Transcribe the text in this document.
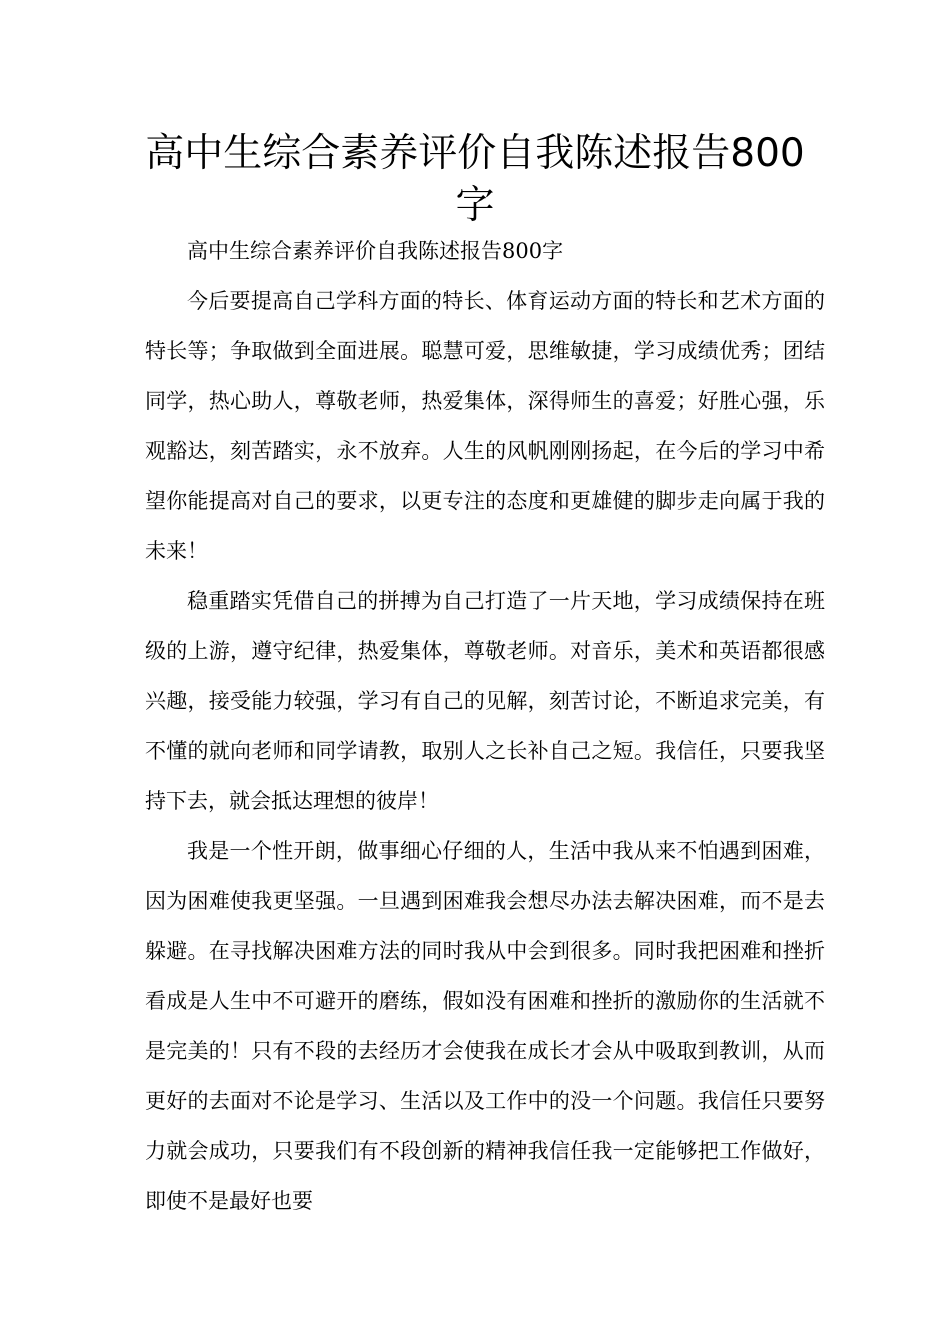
高中生综合素养评价自我陈述报告800字

高中生综合素养评价自我陈述报告800字

今后要提高自己学科方面的特长、体育运动方面的特长和艺术方面的特长等；争取做到全面进展。聪慧可爱，思维敏捷，学习成绩优秀；团结同学，热心助人，尊敬老师，热爱集体，深得师生的喜爱；好胜心强，乐观豁达，刻苦踏实，永不放弃。人生的风帆刚刚扬起，在今后的学习中希望你能提高对自己的要求，以更专注的态度和更雄健的脚步走向属于我的未来！

稳重踏实凭借自己的拼搏为自己打造了一片天地，学习成绩保持在班级的上游，遵守纪律，热爱集体，尊敬老师。对音乐，美术和英语都很感兴趣，接受能力较强，学习有自己的见解，刻苦讨论，不断追求完美，有不懂的就向老师和同学请教，取别人之长补自己之短。我信任，只要我坚持下去，就会抵达理想的彼岸！

我是一个性开朗，做事细心仔细的人，生活中我从来不怕遇到困难，因为困难使我更坚强。一旦遇到困难我会想尽办法去解决困难，而不是去躲避。在寻找解决困难方法的同时我从中会到很多。同时我把困难和挫折看成是人生中不可避开的磨练，假如没有困难和挫折的激励你的生活就不是完美的！只有不段的去经历才会使我在成长才会从中吸取到教训，从而更好的去面对不论是学习、生活以及工作中的没一个问题。我信任只要努力就会成功，只要我们有不段创新的精神我信任我一定能够把工作做好，即使不是最好也要
